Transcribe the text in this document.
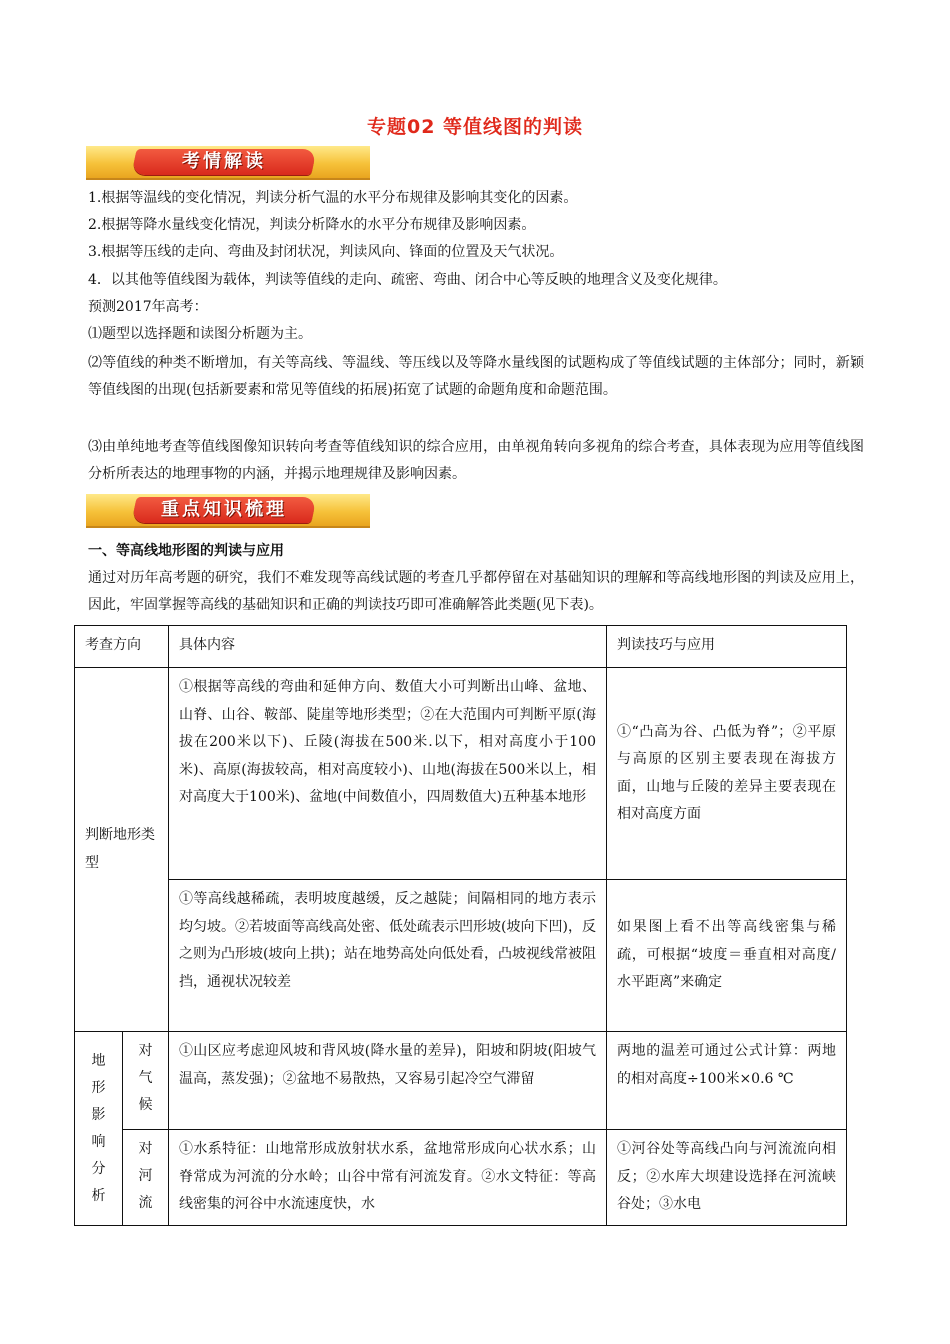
专题02 等值线图的判读
考情解读

1.根据等温线的变化情况，判读分析气温的水平分布规律及影响其变化的因素。

2.根据等降水量线变化情况，判读分析降水的水平分布规律及影响因素。

3.根据等压线的走向、弯曲及封闭状况，判读风向、锋面的位置及天气状况。

4．以其他等值线图为载体，判读等值线的走向、疏密、弯曲、闭合中心等反映的地理含义及变化规律。

预测2017年高考：

⑴题型以选择题和读图分析题为主。

⑵等值线的种类不断增加，有关等高线、等温线、等压线以及等降水量线图的试题构成了等值线试题的主体部分；同时，新颖等值线图的出现(包括新要素和常见等值线的拓展)拓宽了试题的命题角度和命题范围。

⑶由单纯地考查等值线图像知识转向考查等值线知识的综合应用，由单视角转向多视角的综合考查，具体表现为应用等值线图分析所表达的地理事物的内涵，并揭示地理规律及影响因素。

重点知识梳理
一、等高线地形图的判读与应用

通过对历年高考题的研究，我们不难发现等高线试题的考查几乎都停留在对基础知识的理解和等高线地形图的判读及应用上，因此，牢固掌握等高线的基础知识和正确的判读技巧即可准确解答此类题(见下表)。

考查方向		具体内容	判读技巧与应用
判断地形类型		①根据等高线的弯曲和延伸方向、数值大小可判断出山峰、盆地、山脊、山谷、鞍部、陡崖等地形类型；②在大范围内可判断平原(海拔在200米以下)、丘陵(海拔在500米.以下，相对高度小于100米)、高原(海拔较高，相对高度较小)、山地(海拔在500米以上，相对高度大于100米)、盆地(中间数值小，四周数值大)五种基本地形	①“凸高为谷、凸低为脊”；②平原与高原的区别主要表现在海拔方面，山地与丘陵的差异主要表现在相对高度方面
		①等高线越稀疏，表明坡度越缓，反之越陡；间隔相同的地方表示均匀坡。②若坡面等高线高处密、低处疏表示凹形坡(坡向下凹)，反之则为凸形坡(坡向上拱)；站在地势高处向低处看，凸坡视线常被阻挡，通视状况较差	如果图上看不出等高线密集与稀疏，可根据“坡度＝垂直相对高度/水平距离”来确定

地形影响分析	对气候	①山区应考虑迎风坡和背风坡(降水量的差异)，阳坡和阴坡(阳坡气温高，蒸发强)；②盆地不易散热，又容易引起冷空气滞留	两地的温差可通过公式计算：两地的相对高度÷100米×0.6 ℃

	对河流	①水系特征：山地常形成放射状水系，盆地常形成向心状水系；山脊常成为河流的分水岭；山谷中常有河流发育。②水文特征：等高线密集的河谷中水流速度快，水	①河谷处等高线凸向与河流流向相反；②水库大坝建设选择在河流峡谷处；③水电
